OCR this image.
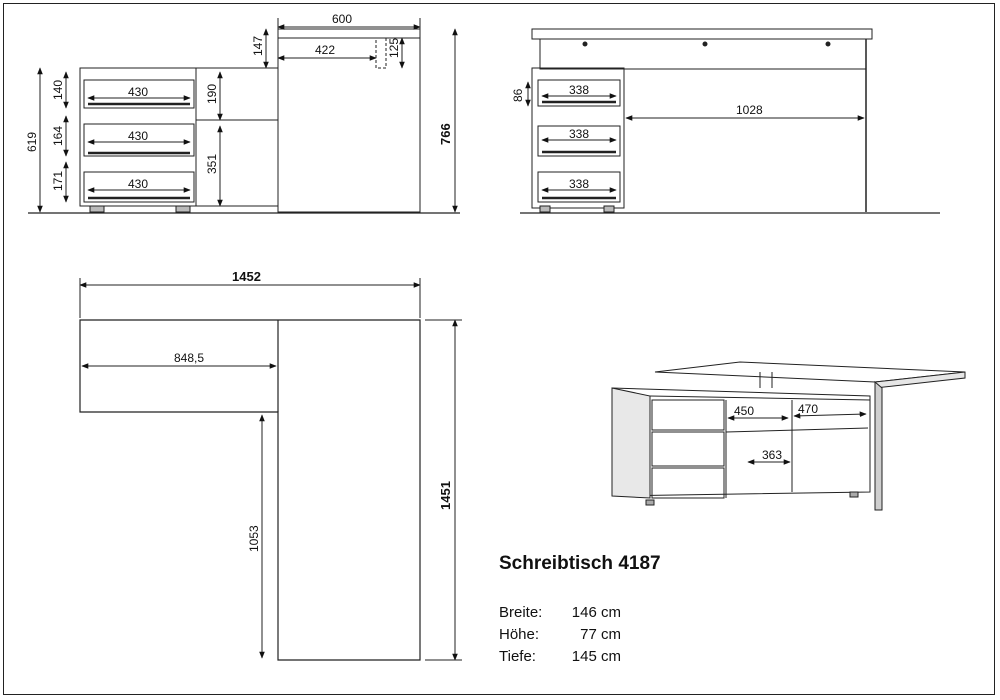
600
422
147	125
766
619
140
164
171
190
351
430
430
430
86	338
338
338
1028
1452
848,5
1053
1451
450	470
363
Schreibtisch 4187
Breite: 146 cm
Höhe:	77 cm
Tiefe: 145 cm
